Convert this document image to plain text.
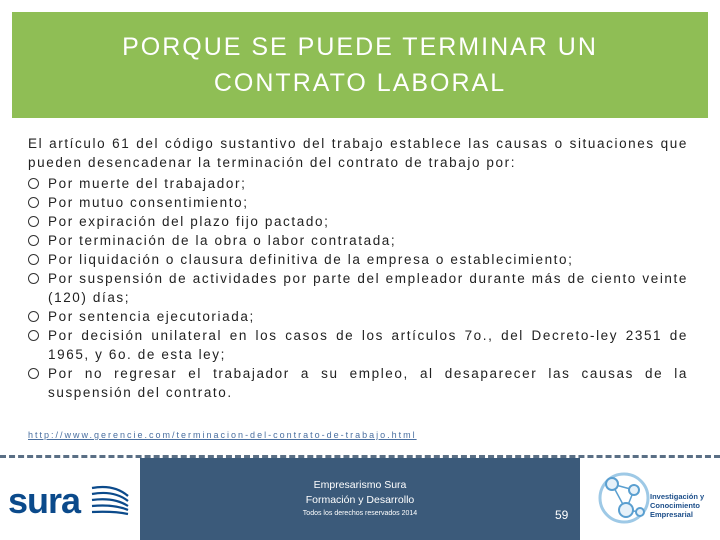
PORQUE SE PUEDE TERMINAR UN CONTRATO LABORAL

El artículo 61 del código sustantivo del trabajo establece las causas o situaciones que pueden desencadenar la terminación del contrato de trabajo por:

Por muerte del trabajador;
Por mutuo consentimiento;
Por expiración del plazo fijo pactado;
Por terminación de la obra o labor contratada;
Por liquidación o clausura definitiva de la empresa o establecimiento;
Por suspensión de actividades por parte del empleador durante más de ciento veinte (120) días;
Por sentencia ejecutoriada;
Por decisión unilateral en los casos de los artículos 7o., del Decreto-ley 2351 de 1965, y 6o. de esta ley;
Por no regresar el trabajador a su empleo, al desaparecer las causas de la suspensión del contrato.
http://www.gerencie.com/terminacion-del-contrato-de-trabajo.html
sura	Empresarismo Sura
Formación y Desarrollo
Todos los derechos reservados 2014	59
Investigación y
Conocimiento
Empresarial
